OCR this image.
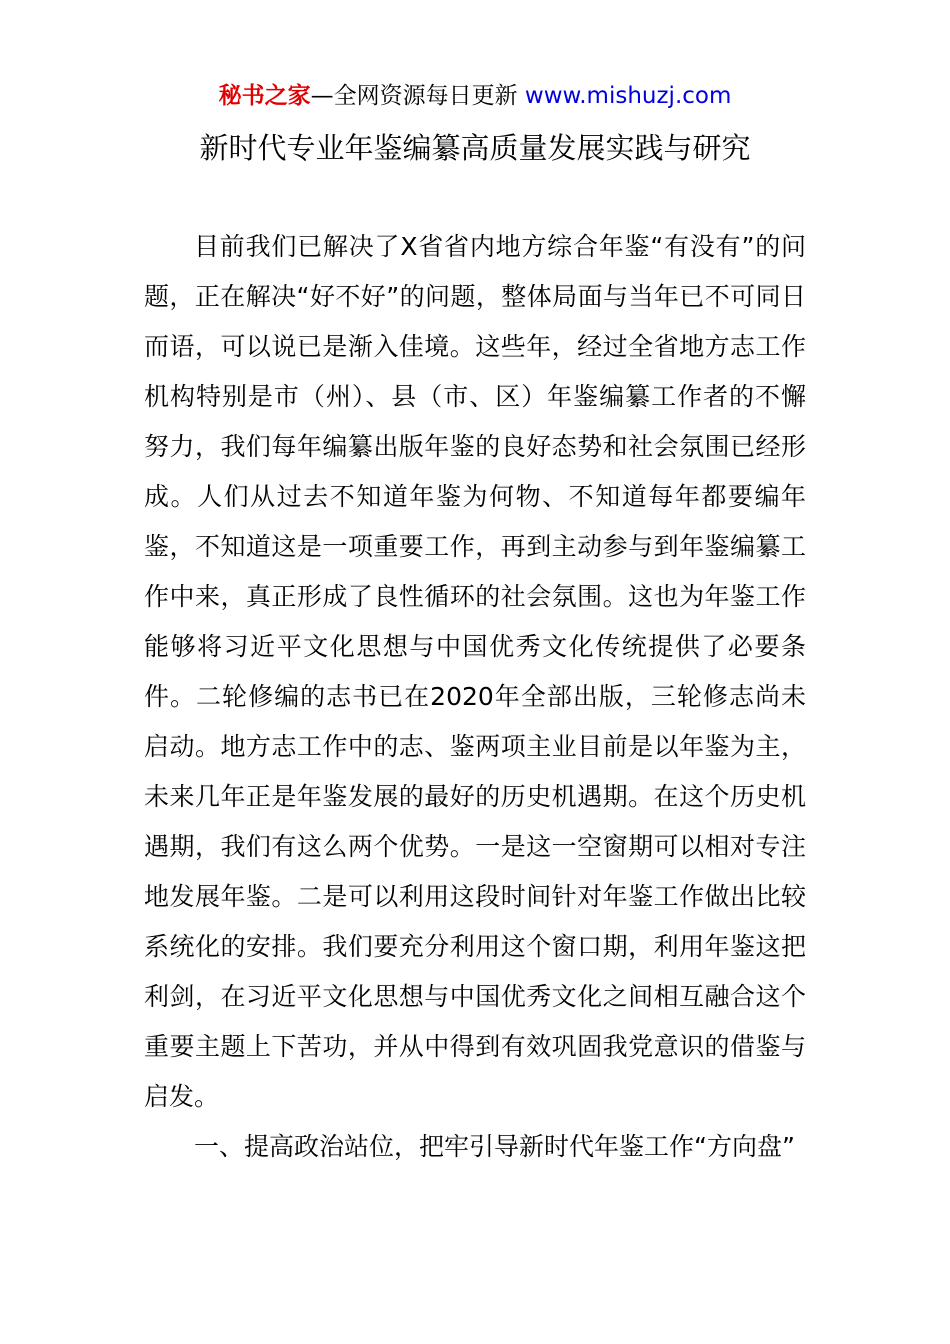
秘书之家—全网资源每日更新 www.mishuzj.com
新时代专业年鉴编纂高质量发展实践与研究

目前我们已解决了X省省内地方综合年鉴“有没有”的问题，正在解决“好不好”的问题，整体局面与当年已不可同日而语，可以说已是渐入佳境。这些年，经过全省地方志工作机构特别是市（州）、县（市、区）年鉴编纂工作者的不懈努力，我们每年编纂出版年鉴的良好态势和社会氛围已经形成。人们从过去不知道年鉴为何物、不知道每年都要编年鉴，不知道这是一项重要工作，再到主动参与到年鉴编纂工作中来，真正形成了良性循环的社会氛围。这也为年鉴工作能够将习近平文化思想与中国优秀文化传统提供了必要条件。二轮修编的志书已在2020年全部出版，三轮修志尚未启动。地方志工作中的志、鉴两项主业目前是以年鉴为主，未来几年正是年鉴发展的最好的历史机遇期。在这个历史机遇期，我们有这么两个优势。一是这一空窗期可以相对专注地发展年鉴。二是可以利用这段时间针对年鉴工作做出比较系统化的安排。我们要充分利用这个窗口期，利用年鉴这把利剑，在习近平文化思想与中国优秀文化之间相互融合这个重要主题上下苦功，并从中得到有效巩固我党意识的借鉴与启发。

一、提高政治站位，把牢引导新时代年鉴工作“方向盘”
